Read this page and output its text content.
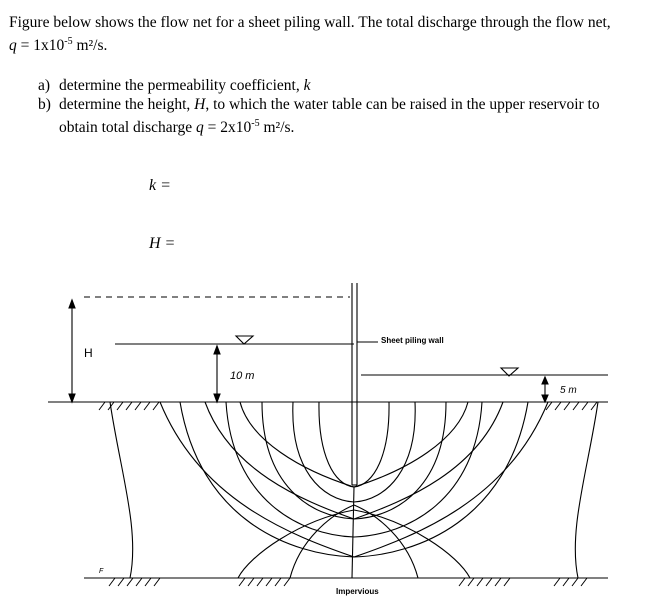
Figure below shows the flow net for a sheet piling wall. The total discharge through the flow net,
$q = 1x10^{-5}$ m²/s.
a) determine the permeability coefficient, k
b) determine the height, H, to which the water table can be raised in the upper reservoir to
obtain total discharge $q = 2x10^{-5}$ m²/s.
k =
H =
H
10 m
5 m
Sheet piling wall
Impervious
F
